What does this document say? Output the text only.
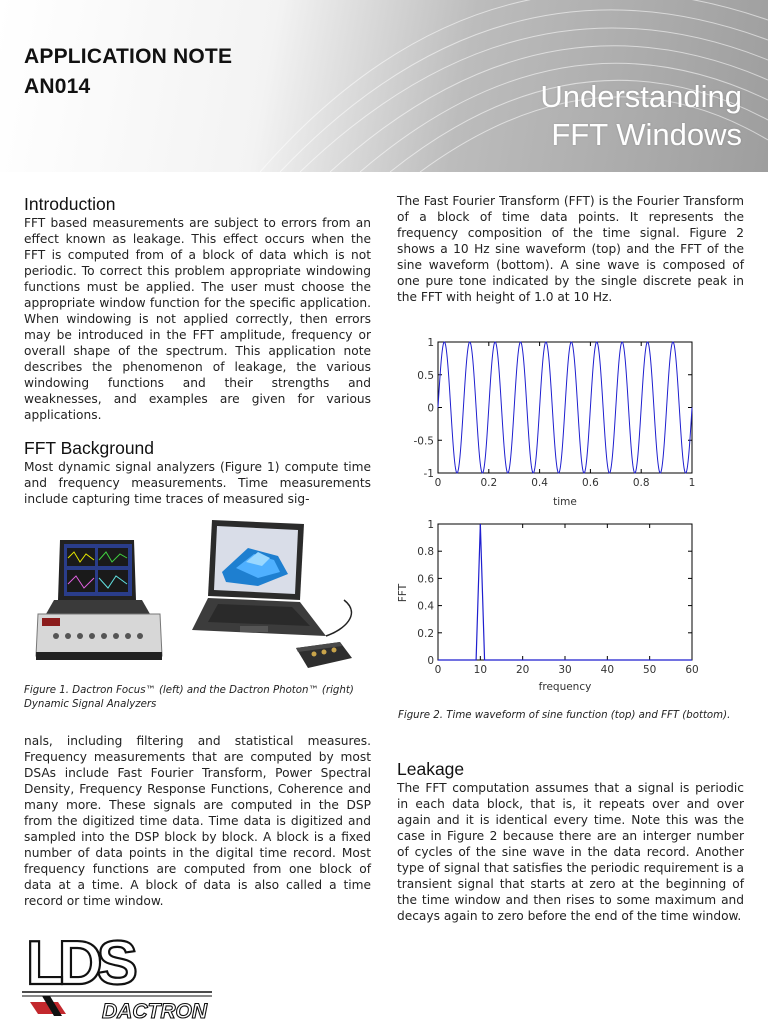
APPLICATION NOTE
AN014	Understanding
FFT Windows
Introduction

FFT based measurements are subject to errors from an effect known as leakage. This effect occurs when the FFT is computed from of a block of data which is not periodic. To correct this problem appropriate windowing functions must be applied. The user must choose the appropriate window function for the specific application. When windowing is not applied correctly, then errors may be introduced in the FFT amplitude, frequency or overall shape of the spectrum. This application note describes the phenomenon of leakage, the various windowing functions and their strengths and weaknesses, and examples are given for various applications.

FFT Background

Most dynamic signal analyzers (Figure 1) compute time and frequency measurements. Time measurements include capturing time traces of measured sig-

Figure 1. Dactron Focus™ (left) and the Dactron Photon™ (right) Dynamic Signal Analyzers

nals, including filtering and statistical measures. Frequency measurements that are computed by most DSAs include Fast Fourier Transform, Power Spectral Density, Frequency Response Functions, Coherence and many more. These signals are computed in the DSP from the digitized time data. Time data is digitized and sampled into the DSP block by block. A block is a fixed number of data points in the digital time record. Most frequency functions are computed from one block of data at a time. A block of data is also called a time record or time window.

The Fast Fourier Transform (FFT) is the Fourier Transform of a block of time data points. It represents the frequency composition of the time signal. Figure 2 shows a 10 Hz sine waveform (top) and the FFT of the sine waveform (bottom). A sine wave is composed of one pure tone indicated by the single discrete peak in the FFT with height of 1.0 at 10 Hz.

1
0.5
0
-0.5
-1
0	0.2	0.4	0.6	0.8	1
time
1
0.8
0.6
0.4
0.2
0
0	10	20	30	40	50	60
frequency
FFT
Figure 2. Time waveform of sine function (top) and FFT (bottom).
Leakage

The FFT computation assumes that a signal is periodic in each data block, that is, it repeats over and over again and it is identical every time. Note this was the case in Figure 2 because there are an interger number of cycles of the sine wave in the data record. Another type of signal that satisfies the periodic requirement is a transient signal that starts at zero at the beginning of the time window and then rises to some maximum and decays again to zero before the end of the time window.

LDS
DACTRON
